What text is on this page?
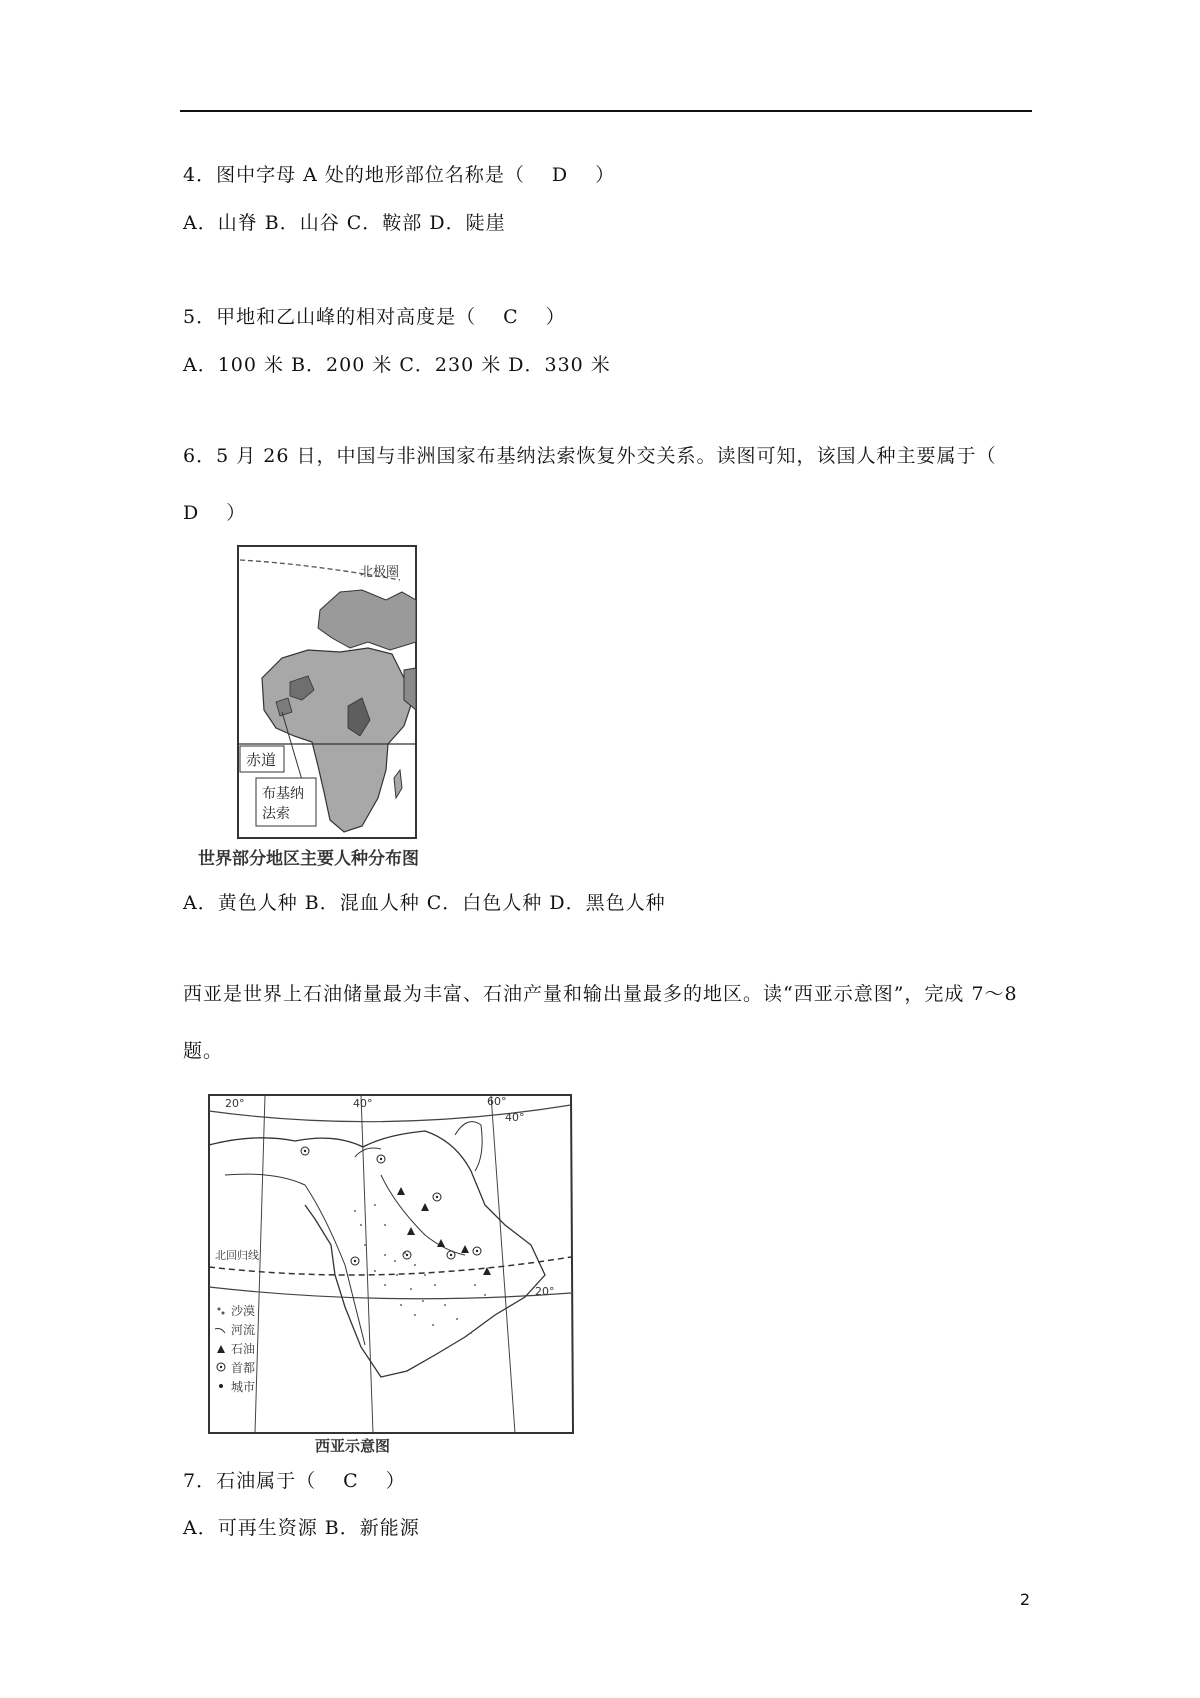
4．图中字母 A 处的地形部位名称是（　 D　 ）
A．山脊 B．山谷 C．鞍部 D．陡崖
5．甲地和乙山峰的相对高度是（　 C　 ）
A．100 米 B．200 米 C．230 米 D．330 米
6．5 月 26 日，中国与非洲国家布基纳法索恢复外交关系。读图可知，该国人种主要属于（　 D　 ）
北极圈
赤道
布基纳
法索
世界部分地区主要人种分布图
A．黄色人种 B．混血人种 C．白色人种 D．黑色人种
西亚是世界上石油储量最为丰富、石油产量和输出量最多的地区。读“西亚示意图”，完成 7～8 题。
20°	40°	60°
40°
20°
北回归线
沙漠
河流
石油
首都
城市
西亚示意图
7．石油属于（　 C　 ）
A．可再生资源 B．新能源
2
